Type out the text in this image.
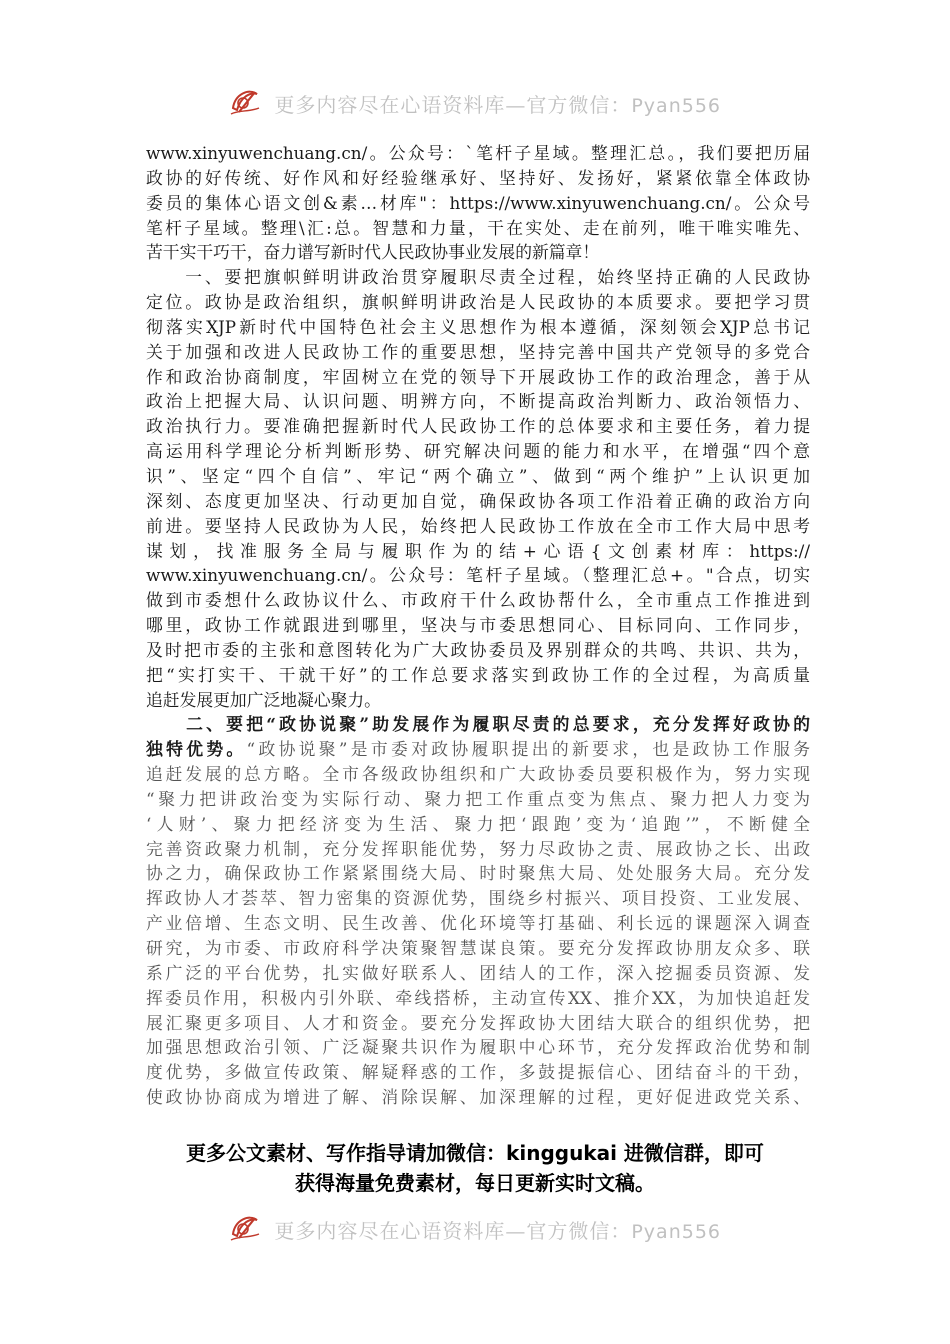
更多内容尽在心语资料库—官方微信：Pyan556
www.xinyuwenchuang.cn/。公众号：`笔杆子星域。整理汇总。，我们要把历届
政协的好传统、好作风和好经验继承好、坚持好、发扬好，紧紧依靠全体政协
委员的集体心语文创&素…材库"：https://www.xinyuwenchuang.cn/。公众号
笔杆子星域。整理\汇:总。智慧和力量，干在实处、走在前列，唯干唯实唯先、
苦干实干巧干，奋力谱写新时代人民政协事业发展的新篇章！
　　一、要把旗帜鲜明讲政治贯穿履职尽责全过程，始终坚持正确的人民政协
定位。政协是政治组织，旗帜鲜明讲政治是人民政协的本质要求。要把学习贯
彻落实XJP新时代中国特色社会主义思想作为根本遵循，深刻领会XJP总书记
关于加强和改进人民政协工作的重要思想，坚持完善中国共产党领导的多党合
作和政治协商制度，牢固树立在党的领导下开展政协工作的政治理念，善于从
政治上把握大局、认识问题、明辨方向，不断提高政治判断力、政治领悟力、
政治执行力。要准确把握新时代人民政协工作的总体要求和主要任务，着力提
高运用科学理论分析判断形势、研究解决问题的能力和水平，在增强“四个意
识”、坚定“四个自信”、牢记“两个确立”、做到“两个维护”上认识更加
深刻、态度更加坚决、行动更加自觉，确保政协各项工作沿着正确的政治方向
前进。要坚持人民政协为人民，始终把人民政协工作放在全市工作大局中思考
谋划，找准服务全局与履职作为的结+心语{文创素材库：https://
www.xinyuwenchuang.cn/。公众号：笔杆子星域。（整理汇总+。"合点，切实
做到市委想什么政协议什么、市政府干什么政协帮什么，全市重点工作推进到
哪里，政协工作就跟进到哪里，坚决与市委思想同心、目标同向、工作同步，
及时把市委的主张和意图转化为广大政协委员及界别群众的共鸣、共识、共为，
把“实打实干、干就干好”的工作总要求落实到政协工作的全过程，为高质量
追赶发展更加广泛地凝心聚力。
　　二、要把“政协说聚”助发展作为履职尽责的总要求，充分发挥好政协的
独特优势。“政协说聚”是市委对政协履职提出的新要求，也是政协工作服务
追赶发展的总方略。全市各级政协组织和广大政协委员要积极作为，努力实现
“聚力把讲政治变为实际行动、聚力把工作重点变为焦点、聚力把人力变为
‘人财’、聚力把经济变为生活、聚力把‘跟跑’变为‘追跑’”，不断健全
完善资政聚力机制，充分发挥职能优势，努力尽政协之责、展政协之长、出政
协之力，确保政协工作紧紧围绕大局、时时聚焦大局、处处服务大局。充分发
挥政协人才荟萃、智力密集的资源优势，围绕乡村振兴、项目投资、工业发展、
产业倍增、生态文明、民生改善、优化环境等打基础、利长远的课题深入调查
研究，为市委、市政府科学决策聚智慧谋良策。要充分发挥政协朋友众多、联
系广泛的平台优势，扎实做好联系人、团结人的工作，深入挖掘委员资源、发
挥委员作用，积极内引外联、牵线搭桥，主动宣传XX、推介XX，为加快追赶发
展汇聚更多项目、人才和资金。要充分发挥政协大团结大联合的组织优势，把
加强思想政治引领、广泛凝聚共识作为履职中心环节，充分发挥政治优势和制
度优势，多做宣传政策、解疑释惑的工作，多鼓提振信心、团结奋斗的干劲，
使政协协商成为增进了解、消除误解、加深理解的过程，更好促进政党关系、
更多公文素材、写作指导请加微信：kinggukai 进微信群，即可
获得海量免费素材，每日更新实时文稿。
更多内容尽在心语资料库—官方微信：Pyan556
